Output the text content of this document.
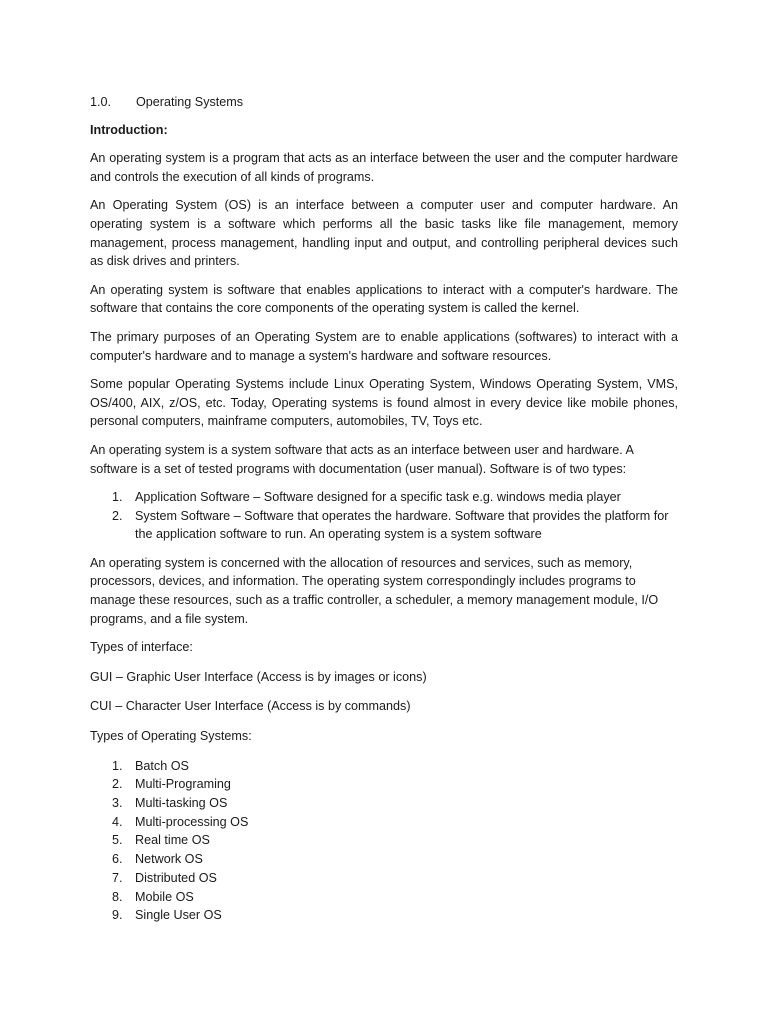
1.0.	Operating Systems
Introduction:

An operating system is a program that acts as an interface between the user and the computer hardware and controls the execution of all kinds of programs.

An Operating System (OS) is an interface between a computer user and computer hardware. An operating system is a software which performs all the basic tasks like file management, memory management, process management, handling input and output, and controlling peripheral devices such as disk drives and printers.

An operating system is software that enables applications to interact with a computer's hardware. The software that contains the core components of the operating system is called the kernel.

The primary purposes of an Operating System are to enable applications (softwares) to interact with a computer's hardware and to manage a system's hardware and software resources.

Some popular Operating Systems include Linux Operating System, Windows Operating System, VMS, OS/400, AIX, z/OS, etc. Today, Operating systems is found almost in every device like mobile phones, personal computers, mainframe computers, automobiles, TV, Toys etc.

An operating system is a system software that acts as an interface between user and hardware. A software is a set of tested programs with documentation (user manual). Software is of two types:

1. Application Software – Software designed for a specific task e.g. windows media player
2. System Software – Software that operates the hardware. Software that provides the platform for the application software to run. An operating system is a system software

An operating system is concerned with the allocation of resources and services, such as memory, processors, devices, and information. The operating system correspondingly includes programs to manage these resources, such as a traffic controller, a scheduler, a memory management module, I/O programs, and a file system.

Types of interface:
GUI – Graphic User Interface (Access is by images or icons)
CUI – Character User Interface (Access is by commands)
Types of Operating Systems:
1. Batch OS
2. Multi-Programing
3. Multi-tasking OS
4. Multi-processing OS
5. Real time OS
6. Network OS
7. Distributed OS
8. Mobile OS
9. Single User OS
